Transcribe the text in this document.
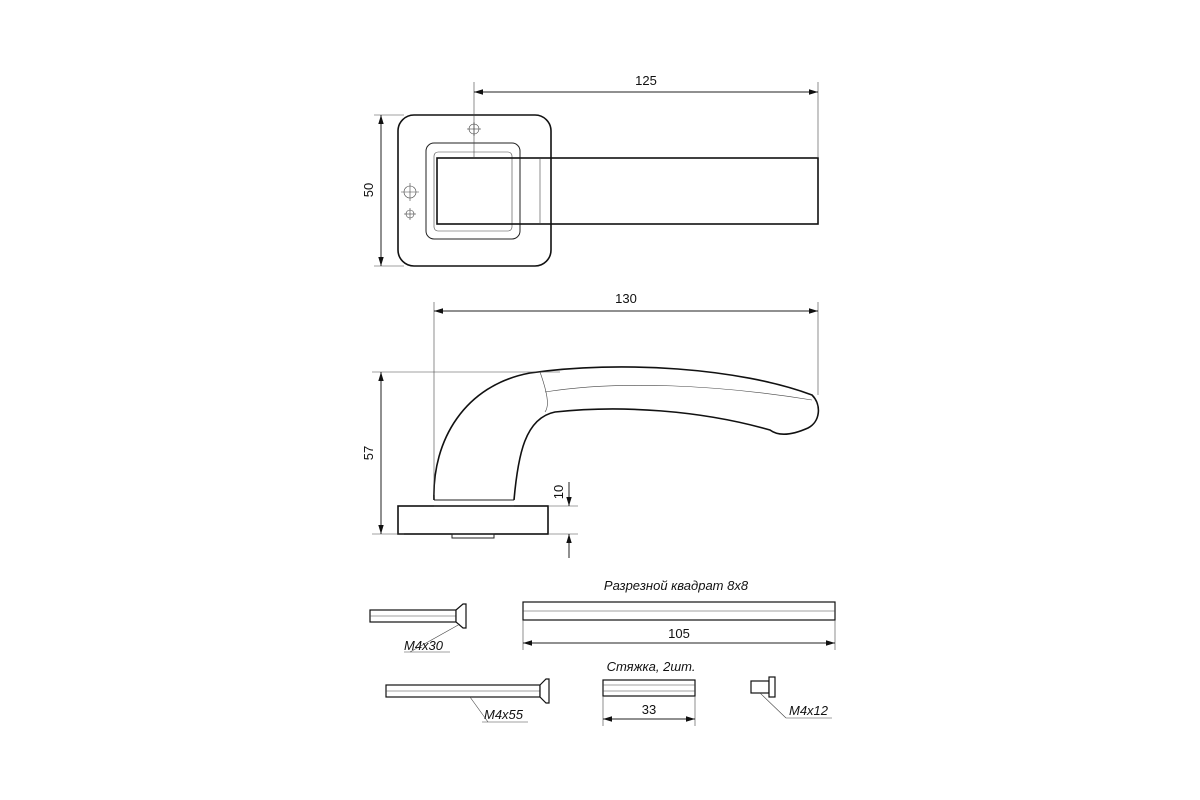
125
50
130
57
10
М4х30
Разрезной квадрат 8х8
105
М4х55
Стяжка, 2шт.
33	М4х12
